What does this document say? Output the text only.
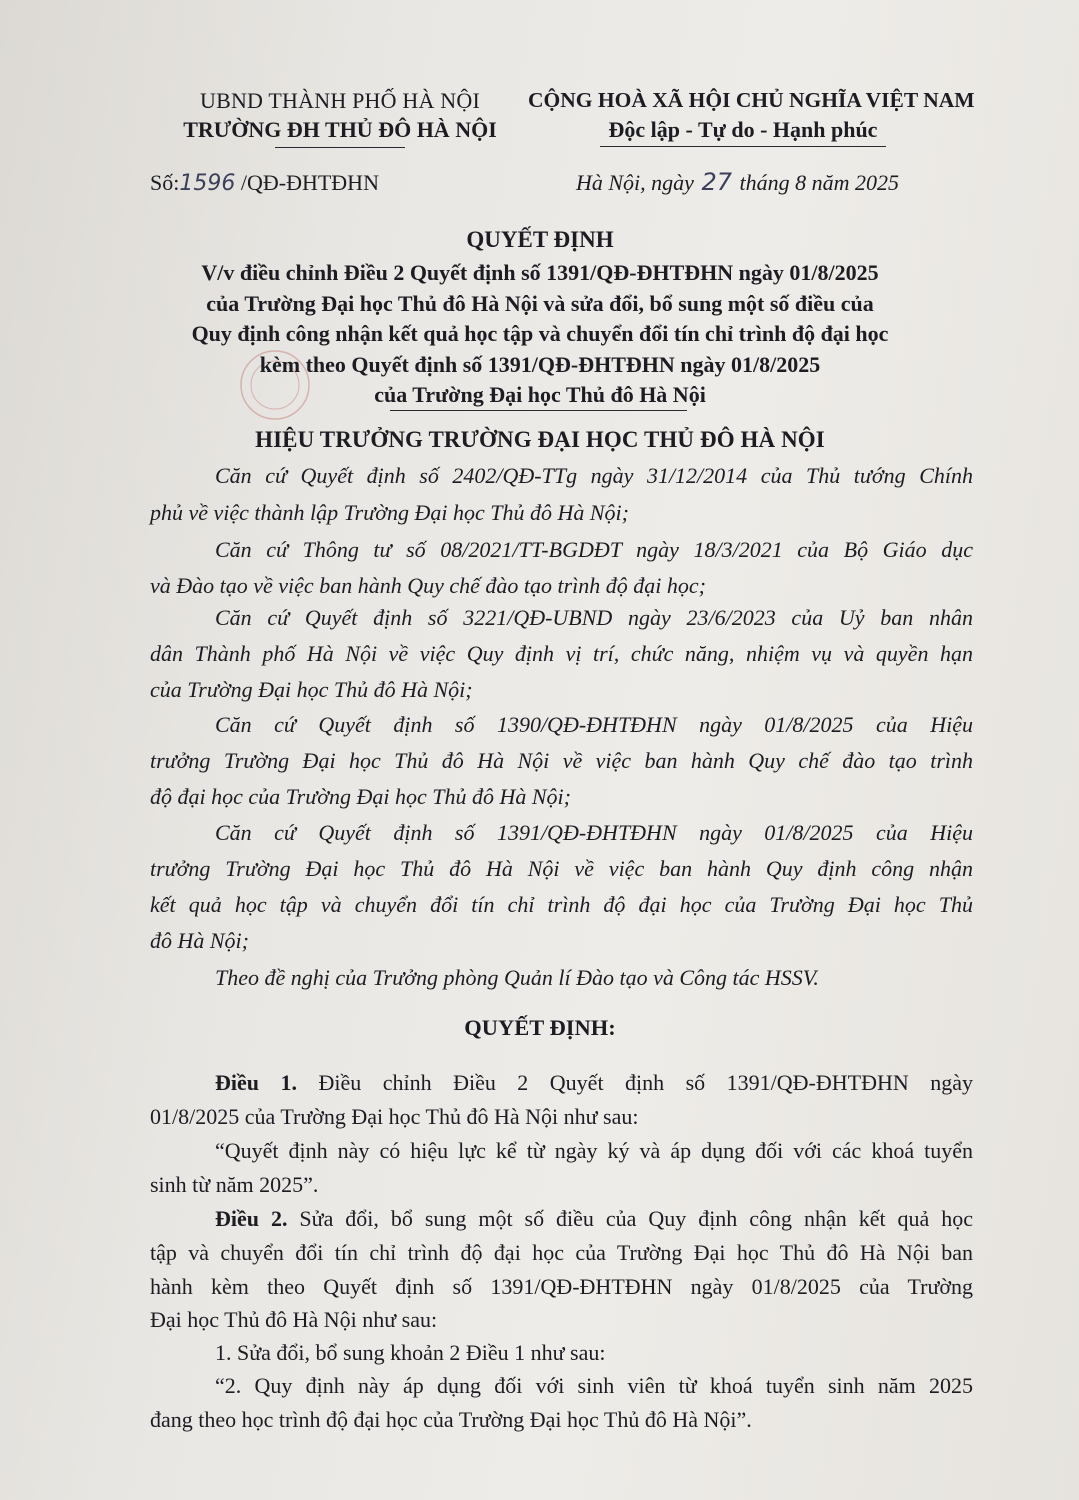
UBND THÀNH PHỐ HÀ NỘI
TRƯỜNG ĐH THỦ ĐÔ HÀ NỘI
CỘNG HOÀ XÃ HỘI CHỦ NGHĨA VIỆT NAM
Độc lập - Tự do - Hạnh phúc
Số:1596 /QĐ-ĐHTĐHN	Hà Nội, ngày 27 tháng 8 năm 2025
QUYẾT ĐỊNH
V/v điều chỉnh Điều 2 Quyết định số 1391/QĐ-ĐHTĐHN ngày 01/8/2025
của Trường Đại học Thủ đô Hà Nội và sửa đổi, bổ sung một số điều của
Quy định công nhận kết quả học tập và chuyển đổi tín chỉ trình độ đại học
kèm theo Quyết định số 1391/QĐ-ĐHTĐHN ngày 01/8/2025
của Trường Đại học Thủ đô Hà Nội
HIỆU TRƯỞNG TRƯỜNG ĐẠI HỌC THỦ ĐÔ HÀ NỘI
Căn cứ Quyết định số 2402/QĐ-TTg ngày 31/12/2014 của Thủ tướng Chính
phủ về việc thành lập Trường Đại học Thủ đô Hà Nội;
Căn cứ Thông tư số 08/2021/TT-BGDĐT ngày 18/3/2021 của Bộ Giáo dục
và Đào tạo về việc ban hành Quy chế đào tạo trình độ đại học;
Căn cứ Quyết định số 3221/QĐ-UBND ngày 23/6/2023 của Uỷ ban nhân
dân Thành phố Hà Nội về việc Quy định vị trí, chức năng, nhiệm vụ và quyền hạn
của Trường Đại học Thủ đô Hà Nội;
Căn cứ Quyết định số 1390/QĐ-ĐHTĐHN ngày 01/8/2025 của Hiệu
trưởng Trường Đại học Thủ đô Hà Nội về việc ban hành Quy chế đào tạo trình
độ đại học của Trường Đại học Thủ đô Hà Nội;
Căn cứ Quyết định số 1391/QĐ-ĐHTĐHN ngày 01/8/2025 của Hiệu
trưởng Trường Đại học Thủ đô Hà Nội về việc ban hành Quy định công nhận
kết quả học tập và chuyển đổi tín chỉ trình độ đại học của Trường Đại học Thủ
đô Hà Nội;
Theo đề nghị của Trưởng phòng Quản lí Đào tạo và Công tác HSSV.
QUYẾT ĐỊNH:
Điều 1. Điều chỉnh Điều 2 Quyết định số 1391/QĐ-ĐHTĐHN ngày
01/8/2025 của Trường Đại học Thủ đô Hà Nội như sau:
“Quyết định này có hiệu lực kể từ ngày ký và áp dụng đối với các khoá tuyển
sinh từ năm 2025”.
Điều 2. Sửa đổi, bổ sung một số điều của Quy định công nhận kết quả học
tập và chuyển đổi tín chỉ trình độ đại học của Trường Đại học Thủ đô Hà Nội ban
hành kèm theo Quyết định số 1391/QĐ-ĐHTĐHN ngày 01/8/2025 của Trường
Đại học Thủ đô Hà Nội như sau:
1. Sửa đổi, bổ sung khoản 2 Điều 1 như sau:
“2. Quy định này áp dụng đối với sinh viên từ khoá tuyển sinh năm 2025
đang theo học trình độ đại học của Trường Đại học Thủ đô Hà Nội”.
